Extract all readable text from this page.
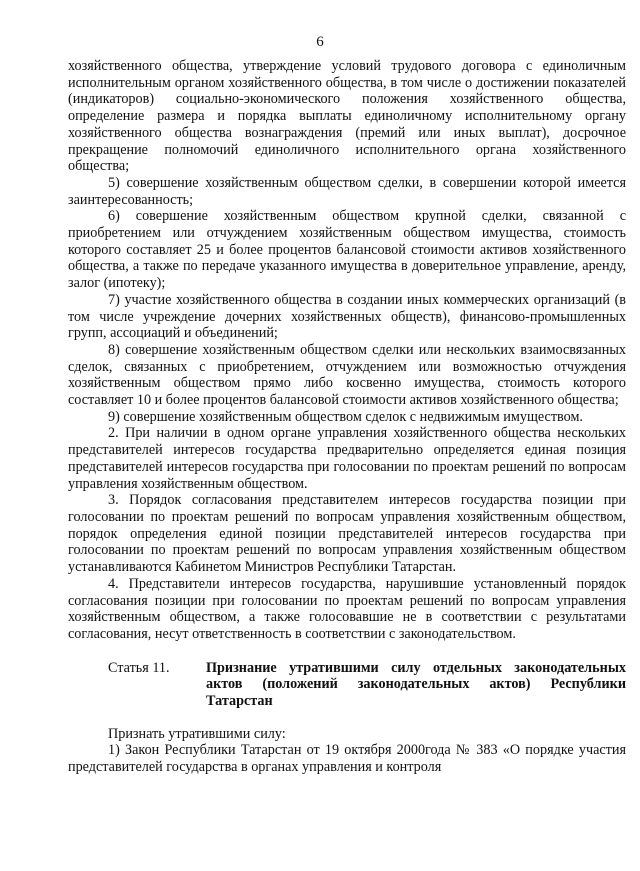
6

хозяйственного общества, утверждение условий трудового договора с единоличным исполнительным органом хозяйственного общества, в том числе о достижении показателей (индикаторов) социально-экономического положения хозяйственного общества, определение размера и порядка выплаты единоличному исполнительному органу хозяйственного общества вознаграждения (премий или иных выплат), досрочное прекращение полномочий единоличного исполнительного органа хозяйственного общества;

5) совершение хозяйственным обществом сделки, в совершении которой имеется заинтересованность;

6) совершение хозяйственным обществом крупной сделки, связанной с приобретением или отчуждением хозяйственным обществом имущества, стоимость которого составляет 25 и более процентов балансовой стоимости активов хозяйственного общества, а также по передаче указанного имущества в доверительное управление, аренду, залог (ипотеку);

7) участие хозяйственного общества в создании иных коммерческих организаций (в том числе учреждение дочерних хозяйственных обществ), финансово-промышленных групп, ассоциаций и объединений;

8) совершение хозяйственным обществом сделки или нескольких взаимосвязанных сделок, связанных с приобретением, отчуждением или возможностью отчуждения хозяйственным обществом прямо либо косвенно имущества, стоимость которого составляет 10 и более процентов балансовой стоимости активов хозяйственного общества;

9) совершение хозяйственным обществом сделок с недвижимым имуществом.

2. При наличии в одном органе управления хозяйственного общества нескольких представителей интересов государства предварительно определяется единая позиция представителей интересов государства при голосовании по проектам решений по вопросам управления хозяйственным обществом.

3. Порядок согласования представителем интересов государства позиции при голосовании по проектам решений по вопросам управления хозяйственным обществом, порядок определения единой позиции представителей интересов государства при голосовании по проектам решений по вопросам управления хозяйственным обществом устанавливаются Кабинетом Министров Республики Татарстан.

4. Представители интересов государства, нарушившие установленный порядок согласования позиции при голосовании по проектам решений по вопросам управления хозяйственным обществом, а также голосовавшие не в соответствии с результатами согласования, несут ответственность в соответствии с законодательством.

Статья 11.	Признание утратившими силу отдельных законодательных актов (положений законодательных актов) Республики Татарстан

Признать утратившими силу:

1) Закон Республики Татарстан от 19 октября 2000года № 383 «О порядке участия представителей государства в органах управления и контроля
